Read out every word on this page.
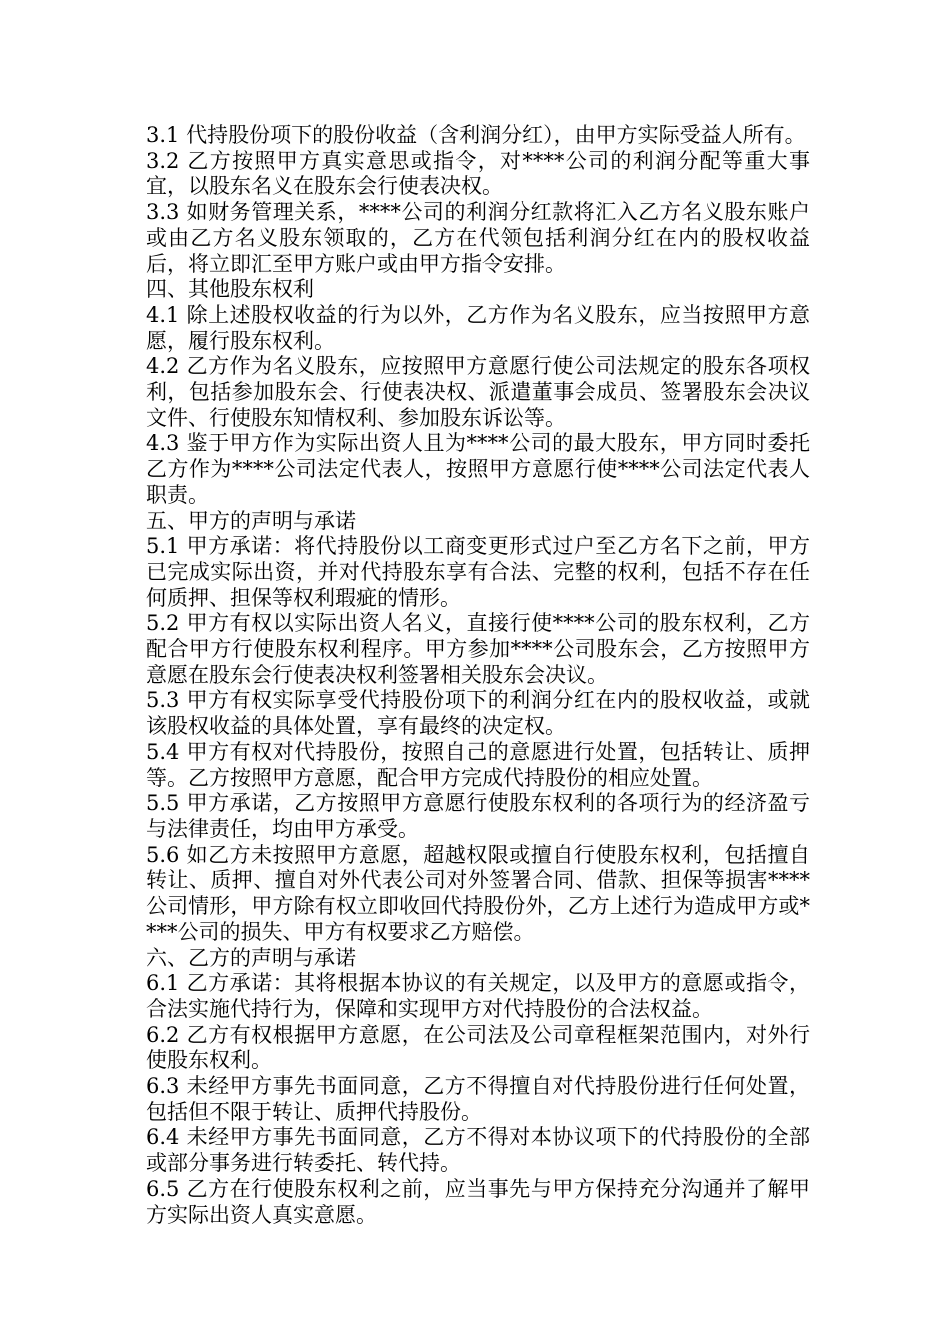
3.1 代持股份项下的股份收益（含利润分红），由甲方实际受益人所有。

3.2 乙方按照甲方真实意思或指令，对****公司的利润分配等重大事宜，以股东名义在股东会行使表决权。

3.3 如财务管理关系，****公司的利润分红款将汇入乙方名义股东账户或由乙方名义股东领取的，乙方在代领包括利润分红在内的股权收益后，将立即汇至甲方账户或由甲方指令安排。

四、其他股东权利

4.1 除上述股权收益的行为以外，乙方作为名义股东，应当按照甲方意愿，履行股东权利。

4.2 乙方作为名义股东，应按照甲方意愿行使公司法规定的股东各项权利，包括参加股东会、行使表决权、派遣董事会成员、签署股东会决议文件、行使股东知情权利、参加股东诉讼等。

4.3 鉴于甲方作为实际出资人且为****公司的最大股东，甲方同时委托乙方作为****公司法定代表人，按照甲方意愿行使****公司法定代表人职责。

五、甲方的声明与承诺

5.1 甲方承诺：将代持股份以工商变更形式过户至乙方名下之前，甲方已完成实际出资，并对代持股东享有合法、完整的权利，包括不存在任何质押、担保等权利瑕疵的情形。

5.2 甲方有权以实际出资人名义，直接行使****公司的股东权利，乙方配合甲方行使股东权利程序。甲方参加****公司股东会，乙方按照甲方意愿在股东会行使表决权利签署相关股东会决议。

5.3 甲方有权实际享受代持股份项下的利润分红在内的股权收益，或就该股权收益的具体处置，享有最终的决定权。

5.4 甲方有权对代持股份，按照自己的意愿进行处置，包括转让、质押等。乙方按照甲方意愿，配合甲方完成代持股份的相应处置。

5.5 甲方承诺，乙方按照甲方意愿行使股东权利的各项行为的经济盈亏与法律责任，均由甲方承受。

5.6 如乙方未按照甲方意愿，超越权限或擅自行使股东权利，包括擅自转让、质押、擅自对外代表公司对外签署合同、借款、担保等损害****公司情形，甲方除有权立即收回代持股份外，乙方上述行为造成甲方或****公司的损失、甲方有权要求乙方赔偿。

六、乙方的声明与承诺

6.1 乙方承诺：其将根据本协议的有关规定，以及甲方的意愿或指令，合法实施代持行为，保障和实现甲方对代持股份的合法权益。

6.2 乙方有权根据甲方意愿，在公司法及公司章程框架范围内，对外行使股东权利。

6.3 未经甲方事先书面同意，乙方不得擅自对代持股份进行任何处置，包括但不限于转让、质押代持股份。

6.4 未经甲方事先书面同意，乙方不得对本协议项下的代持股份的全部或部分事务进行转委托、转代持。

6.5 乙方在行使股东权利之前，应当事先与甲方保持充分沟通并了解甲方实际出资人真实意愿。
